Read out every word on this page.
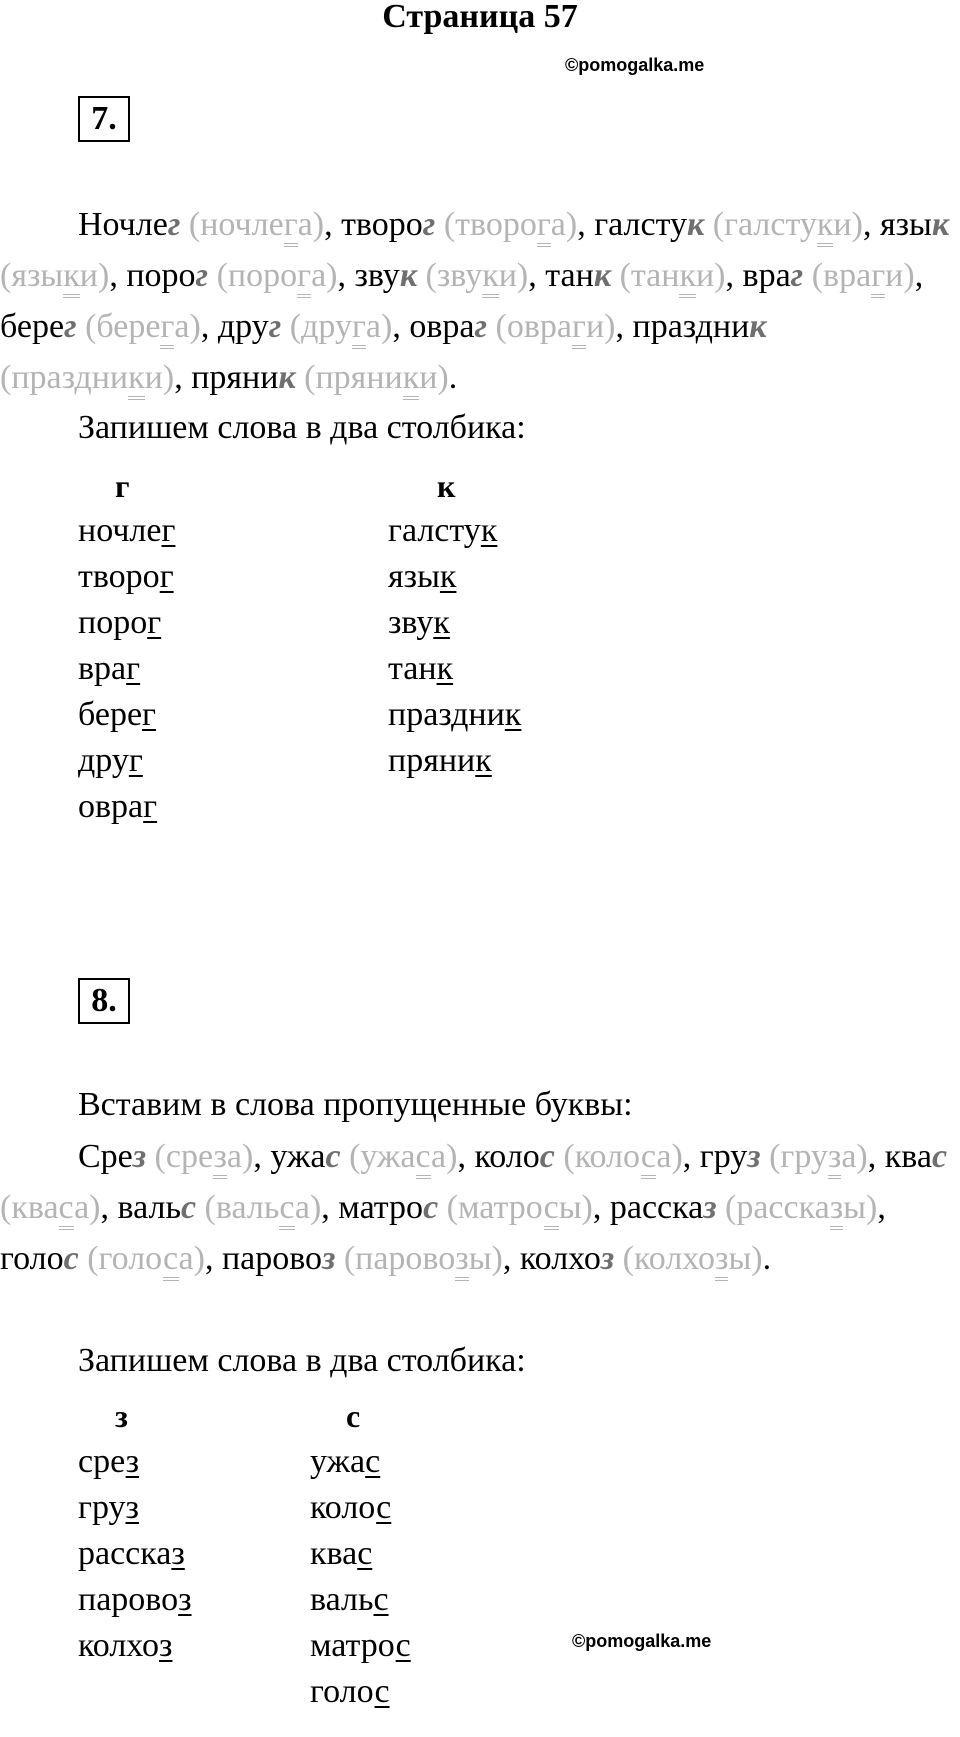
Страница 57
©pomogalka.me
7.
Ночлег (ночлега), творог (творога), галстук (галстуки), язык (языки), порог (порога), звук (звуки), танк (танки), враг (враги), берег (берега), друг (друга), овраг (овраги), праздник (праздники), пряник (пряники).
Запишем слова в два столбика:
г	к
ночлег
творог
порог
враг
берег
друг
овраг
галстук
язык
звук
танк
праздник
пряник
8.
Вставим в слова пропущенные буквы:
Срез (среза), ужас (ужаса), колос (колоса), груз (груза), квас (кваса), вальс (вальса), матрос (матросы), рассказ (рассказы), голос (голоса), паровоз (паровозы), колхоз (колхозы).
Запишем слова в два столбика:
з	с
срез
груз
рассказ
паровоз
колхоз
ужас
колос
квас
вальс
матрос
голос
©pomogalka.me
